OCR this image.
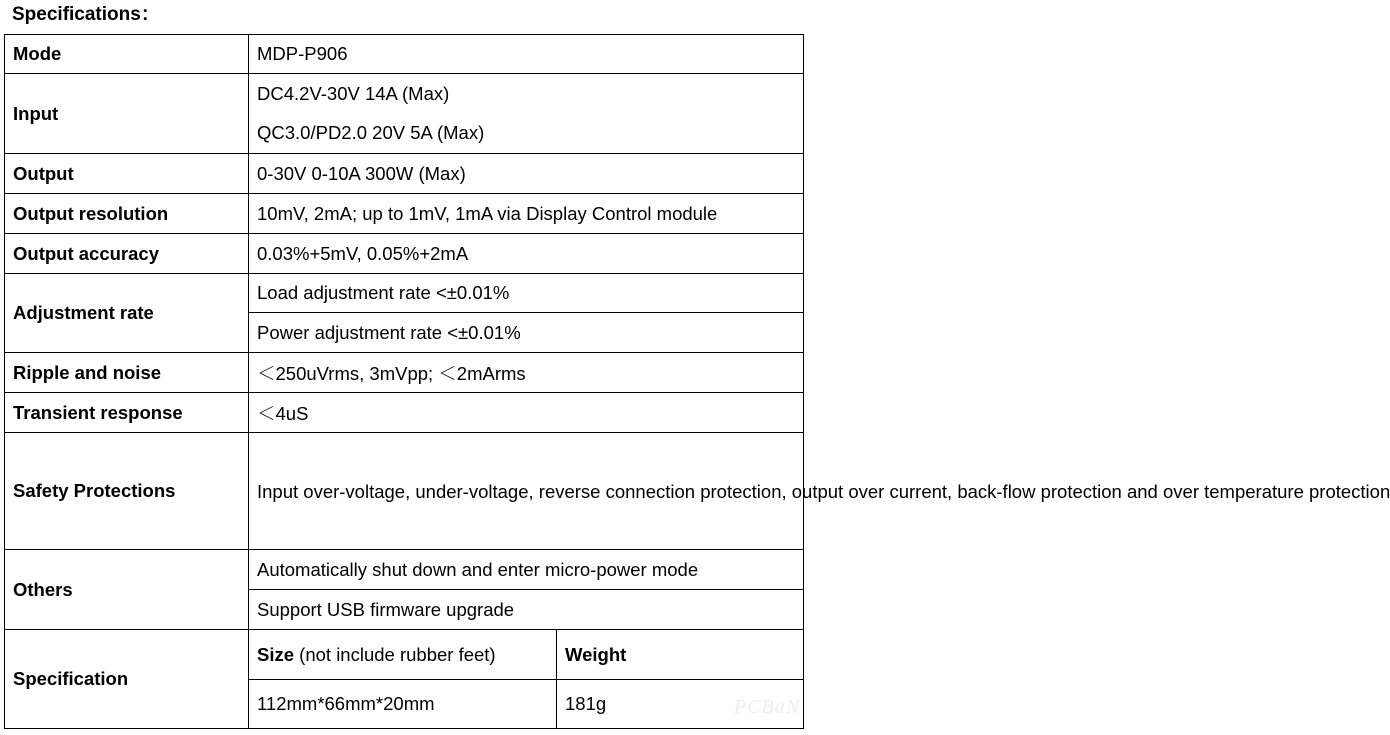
Specifications：
Mode	MDP-P906	
Input	DC4.2V-30V 14A (Max)	
	QC3.0/PD2.0 20V 5A (Max)	
Output	0-30V 0-10A 300W (Max)	
Output resolution	10mV, 2mA; up to 1mV, 1mA via Display Control module	
Output accuracy	0.03%+5mV, 0.05%+2mA	
Adjustment rate	Load adjustment rate <±0.01%	
	Power adjustment rate <±0.01%	
Ripple and noise	＜250uVrms, 3mVpp; ＜2mArms	
Transient response	＜4uS	
Safety Protections	Input over-voltage, under-voltage, reverse connection protection, output over current, back-flow protection and over temperature protection	
Others	Automatically shut down and enter micro-power mode	
	Support USB firmware upgrade	
Specification	Size (not include rubber feet)	Weight
	112mm*66mm*20mm	181g	PCBaN
